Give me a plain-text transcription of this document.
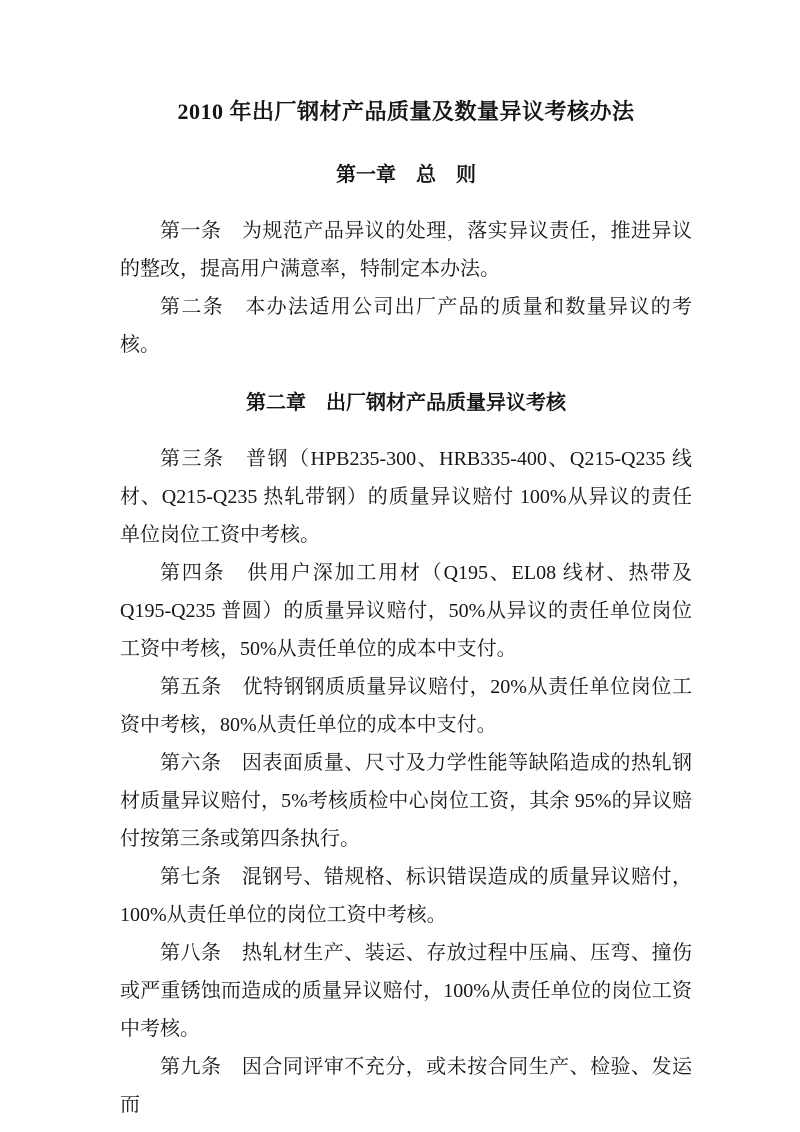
2010 年出厂钢材产品质量及数量异议考核办法
第一章　总　则

第一条　为规范产品异议的处理，落实异议责任，推进异议的整改，提高用户满意率，特制定本办法。

第二条　本办法适用公司出厂产品的质量和数量异议的考核。

第二章　出厂钢材产品质量异议考核

第三条　普钢（HPB235-300、HRB335-400、Q215-Q235 线材、Q215-Q235 热轧带钢）的质量异议赔付 100%从异议的责任单位岗位工资中考核。

第四条　供用户深加工用材（Q195、EL08 线材、热带及 Q195-Q235 普圆）的质量异议赔付，50%从异议的责任单位岗位工资中考核，50%从责任单位的成本中支付。

第五条　优特钢钢质质量异议赔付，20%从责任单位岗位工资中考核，80%从责任单位的成本中支付。

第六条　因表面质量、尺寸及力学性能等缺陷造成的热轧钢材质量异议赔付，5%考核质检中心岗位工资，其余 95%的异议赔付按第三条或第四条执行。

第七条　混钢号、错规格、标识错误造成的质量异议赔付，100%从责任单位的岗位工资中考核。

第八条　热轧材生产、装运、存放过程中压扁、压弯、撞伤或严重锈蚀而造成的质量异议赔付，100%从责任单位的岗位工资中考核。

第九条　因合同评审不充分，或未按合同生产、检验、发运而
